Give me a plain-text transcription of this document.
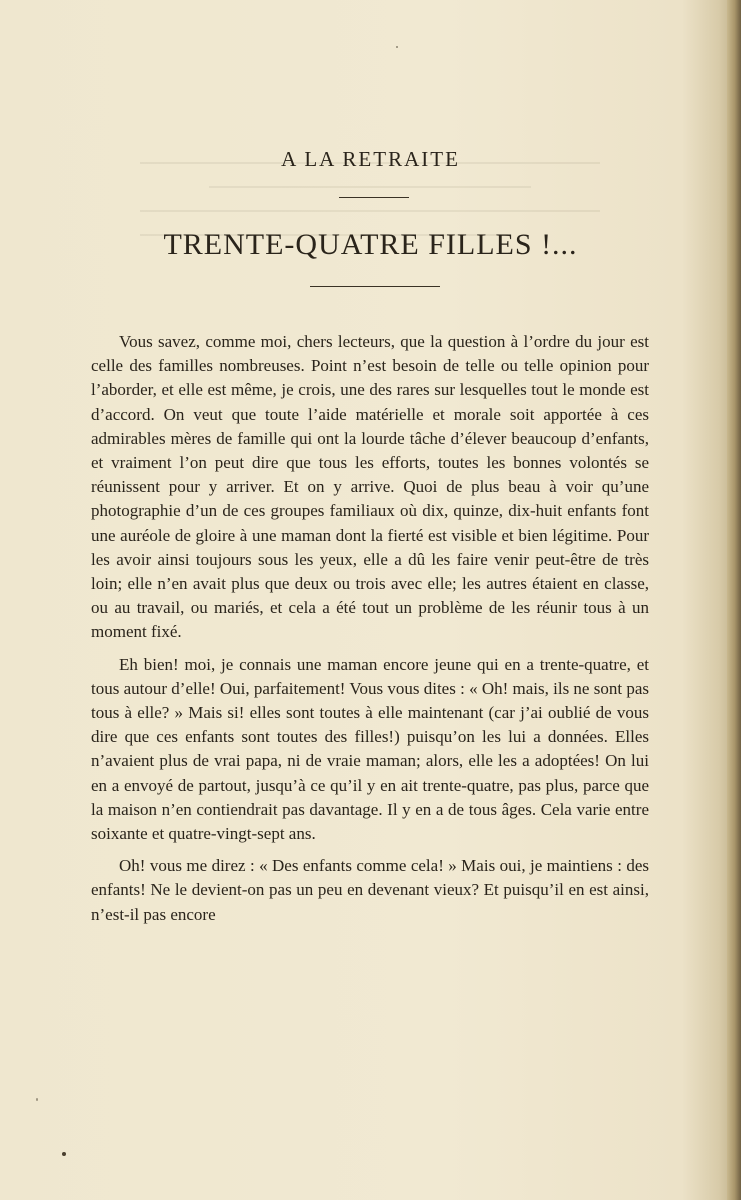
A LA RETRAITE
TRENTE-QUATRE FILLES !...

Vous savez, comme moi, chers lecteurs, que la question à l’ordre du jour est celle des familles nombreuses. Point n’est besoin de telle ou telle opinion pour l’aborder, et elle est même, je crois, une des rares sur lesquelles tout le monde est d’accord. On veut que toute l’aide matérielle et morale soit apportée à ces admirables mères de famille qui ont la lourde tâche d’élever beaucoup d’enfants, et vraiment l’on peut dire que tous les efforts, toutes les bonnes volontés se réunissent pour y arriver. Et on y arrive. Quoi de plus beau à voir qu’une photographie d’un de ces groupes familiaux où dix, quinze, dix-huit enfants font une auréole de gloire à une maman dont la fierté est visible et bien légitime. Pour les avoir ainsi toujours sous les yeux, elle a dû les faire venir peut-être de très loin; elle n’en avait plus que deux ou trois avec elle; les autres étaient en classe, ou au travail, ou mariés, et cela a été tout un problème de les réunir tous à un moment fixé.

Eh bien! moi, je connais une maman encore jeune qui en a trente-quatre, et tous autour d’elle! Oui, parfaitement! Vous vous dites : « Oh! mais, ils ne sont pas tous à elle? » Mais si! elles sont toutes à elle maintenant (car j’ai oublié de vous dire que ces enfants sont toutes des filles!) puisqu’on les lui a données. Elles n’avaient plus de vrai papa, ni de vraie maman; alors, elle les a adoptées! On lui en a envoyé de partout, jusqu’à ce qu’il y en ait trente-quatre, pas plus, parce que la maison n’en contiendrait pas davantage. Il y en a de tous âges. Cela varie entre soixante et quatre-vingt-sept ans.

Oh! vous me direz : « Des enfants comme cela! » Mais oui, je maintiens : des enfants! Ne le devient-on pas un peu en devenant vieux? Et puisqu’il en est ainsi, n’est-il pas encore
